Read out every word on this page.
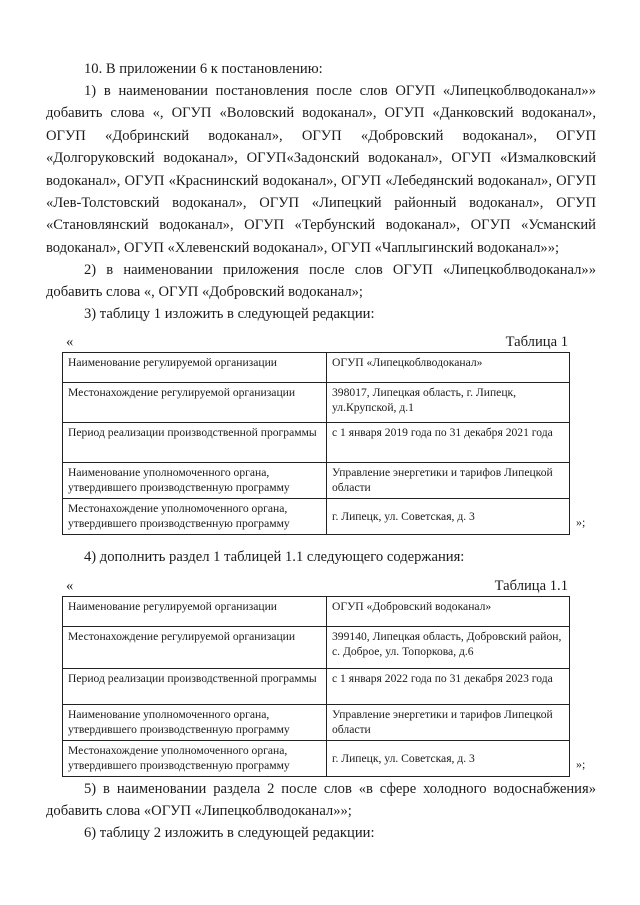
10. В приложении 6 к постановлению:

1) в наименовании постановления после слов ОГУП «Липецкоблводоканал»» добавить слова «, ОГУП «Воловский водоканал», ОГУП «Данковский водоканал», ОГУП «Добринский водоканал», ОГУП «Добровский водоканал», ОГУП «Долгоруковский водоканал», ОГУП«Задонский водоканал», ОГУП «Измалковский водоканал», ОГУП «Краснинский водоканал», ОГУП «Лебедянский водоканал», ОГУП «Лев-Толстовский водоканал», ОГУП «Липецкий районный водоканал», ОГУП «Становлянский водоканал», ОГУП «Тербунский водоканал», ОГУП «Усманский водоканал», ОГУП «Хлевенский водоканал», ОГУП «Чаплыгинский водоканал»»;

2) в наименовании приложения после слов ОГУП «Липецкоблводоканал»» добавить слова «, ОГУП «Добровский водоканал»;

3) таблицу 1 изложить в следующей редакции:

«	Таблица 1
Наименование регулируемой организации	ОГУП «Липецкоблводоканал»
Местонахождение регулируемой организации	398017, Липецкая область, г. Липецк, ул.Крупской, д.1
Период реализации производственной программы	с 1 января 2019 года по 31 декабря 2021 года
Наименование уполномоченного органа, утвердившего производственную программу	Управление энергетики и тарифов Липецкой области
Местонахождение уполномоченного органа, утвердившего производственную программу	г. Липецк, ул. Советская, д. 3	»;

4) дополнить раздел 1 таблицей 1.1 следующего содержания:

«	Таблица 1.1
Наименование регулируемой организации	ОГУП «Добровский водоканал»
Местонахождение регулируемой организации	399140, Липецкая область, Добровский район, с. Доброе, ул. Топоркова, д.6
Период реализации производственной программы	с 1 января 2022 года по 31 декабря 2023 года
Наименование уполномоченного органа, утвердившего производственную программу	Управление энергетики и тарифов Липецкой области
Местонахождение уполномоченного органа, утвердившего производственную программу	г. Липецк, ул. Советская, д. 3	»;

5) в наименовании раздела 2 после слов «в сфере холодного водоснабжения» добавить слова «ОГУП «Липецкоблводоканал»»;

6) таблицу 2 изложить в следующей редакции:
